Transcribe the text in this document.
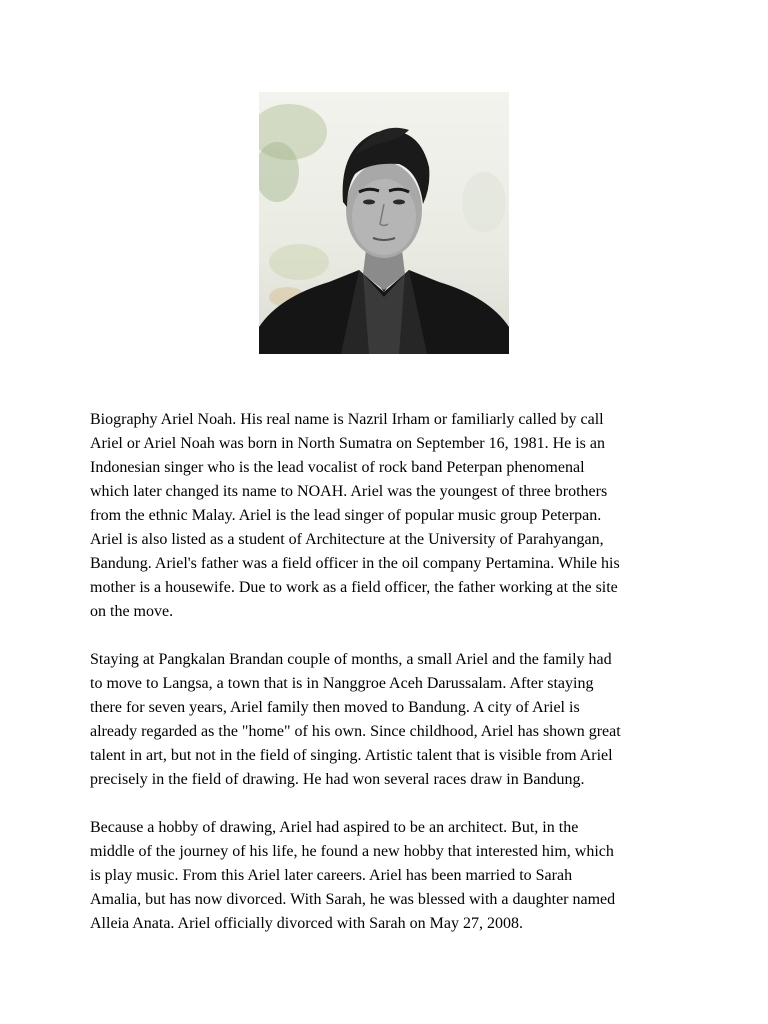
Biography Ariel Noah. His real name is Nazril Irham or familiarly called by call
Ariel or Ariel Noah was born in North Sumatra on September 16, 1981. He is an
Indonesian singer who is the lead vocalist of rock band Peterpan phenomenal
which later changed its name to NOAH. Ariel was the youngest of three brothers
from the ethnic Malay. Ariel is the lead singer of popular music group Peterpan.
Ariel is also listed as a student of Architecture at the University of Parahyangan,
Bandung. Ariel's father was a field officer in the oil company Pertamina. While his
mother is a housewife. Due to work as a field officer, the father working at the site
on the move.

Staying at Pangkalan Brandan couple of months, a small Ariel and the family had
to move to Langsa, a town that is in Nanggroe Aceh Darussalam. After staying
there for seven years, Ariel family then moved to Bandung. A city of Ariel is
already regarded as the "home" of his own. Since childhood, Ariel has shown great
talent in art, but not in the field of singing. Artistic talent that is visible from Ariel
precisely in the field of drawing. He had won several races draw in Bandung.

Because a hobby of drawing, Ariel had aspired to be an architect. But, in the
middle of the journey of his life, he found a new hobby that interested him, which
is play music. From this Ariel later careers. Ariel has been married to Sarah
Amalia, but has now divorced. With Sarah, he was blessed with a daughter named
Alleia Anata. Ariel officially divorced with Sarah on May 27, 2008.
